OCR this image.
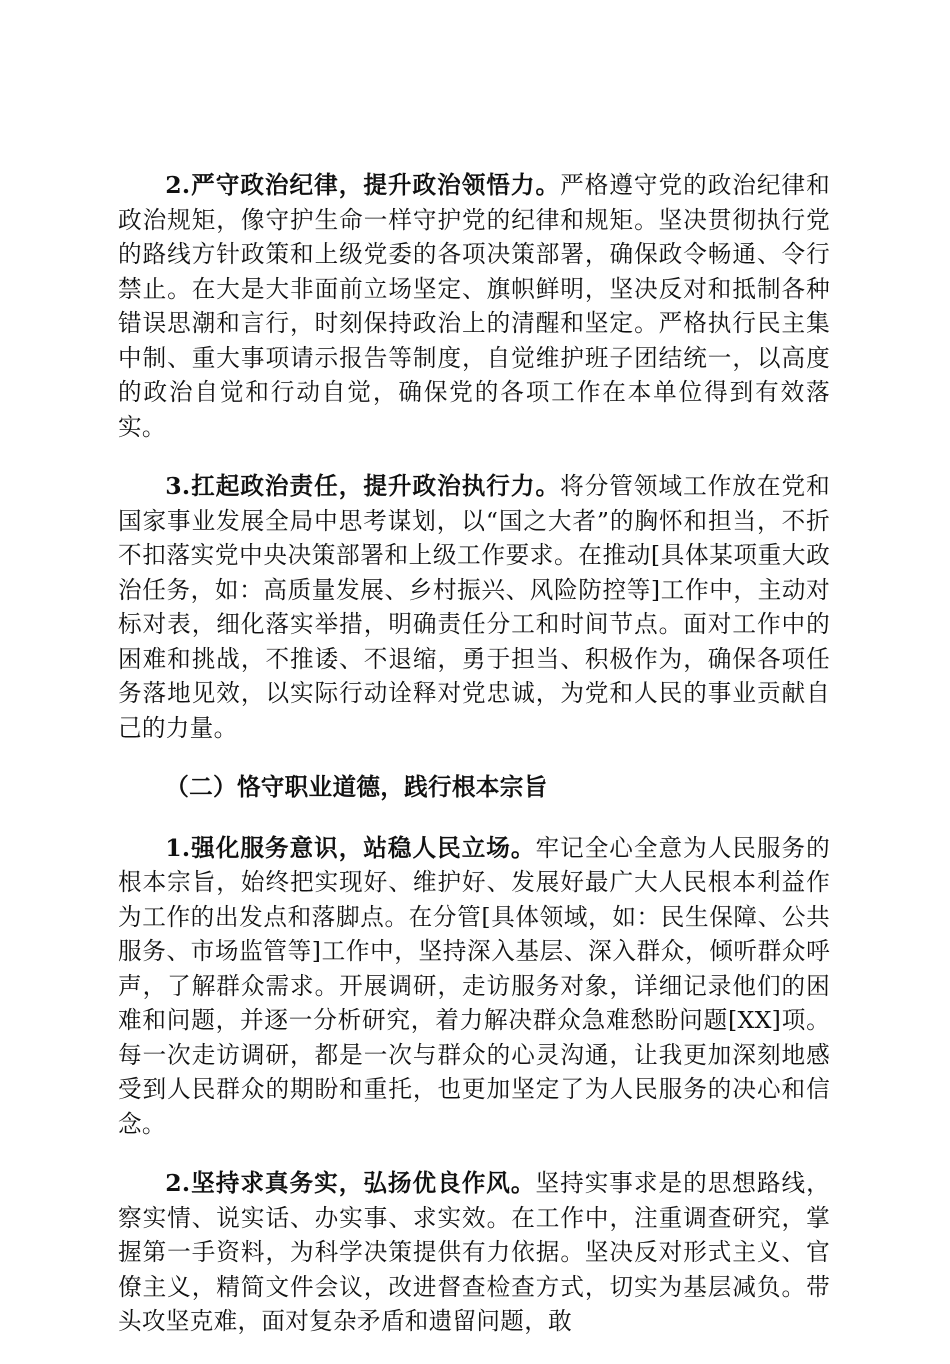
2.严守政治纪律，提升政治领悟力。严格遵守党的政治纪律和政治规矩，像守护生命一样守护党的纪律和规矩。坚决贯彻执行党的路线方针政策和上级党委的各项决策部署，确保政令畅通、令行禁止。在大是大非面前立场坚定、旗帜鲜明，坚决反对和抵制各种错误思潮和言行，时刻保持政治上的清醒和坚定。严格执行民主集中制、重大事项请示报告等制度，自觉维护班子团结统一，以高度的政治自觉和行动自觉，确保党的各项工作在本单位得到有效落实。

3.扛起政治责任，提升政治执行力。将分管领域工作放在党和国家事业发展全局中思考谋划，以“国之大者”的胸怀和担当，不折不扣落实党中央决策部署和上级工作要求。在推动[具体某项重大政治任务，如：高质量发展、乡村振兴、风险防控等]工作中，主动对标对表，细化落实举措，明确责任分工和时间节点。面对工作中的困难和挑战，不推诿、不退缩，勇于担当、积极作为，确保各项任务落地见效，以实际行动诠释对党忠诚，为党和人民的事业贡献自己的力量。

（二）恪守职业道德，践行根本宗旨

1.强化服务意识，站稳人民立场。牢记全心全意为人民服务的根本宗旨，始终把实现好、维护好、发展好最广大人民根本利益作为工作的出发点和落脚点。在分管[具体领域，如：民生保障、公共服务、市场监管等]工作中，坚持深入基层、深入群众，倾听群众呼声，了解群众需求。开展调研，走访服务对象，详细记录他们的困难和问题，并逐一分析研究，着力解决群众急难愁盼问题[XX]项。每一次走访调研，都是一次与群众的心灵沟通，让我更加深刻地感受到人民群众的期盼和重托，也更加坚定了为人民服务的决心和信念。

2.坚持求真务实，弘扬优良作风。坚持实事求是的思想路线，察实情、说实话、办实事、求实效。在工作中，注重调查研究，掌握第一手资料，为科学决策提供有力依据。坚决反对形式主义、官僚主义，精简文件会议，改进督查检查方式，切实为基层减负。带头攻坚克难，面对复杂矛盾和遗留问题，敢
